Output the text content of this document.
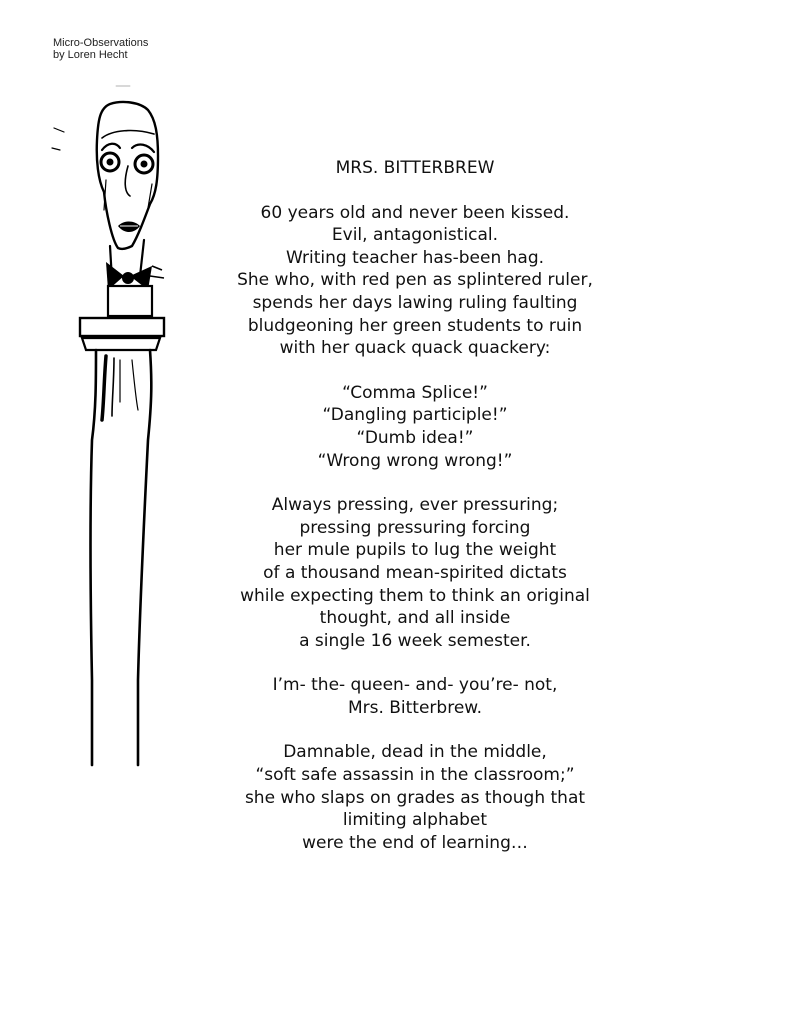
Micro-Observations
by Loren Hecht
MRS. BITTERBREW
60 years old and never been kissed.
Evil, antagonistical.
Writing teacher has-been hag.
She who, with red pen as splintered ruler,
spends her days lawing ruling faulting
bludgeoning her green students to ruin
with her quack quack quackery:
“Comma Splice!”
“Dangling participle!”
“Dumb idea!”
“Wrong wrong wrong!”
Always pressing, ever pressuring;
pressing pressuring forcing
her mule pupils to lug the weight
of a thousand mean-spirited dictats
while expecting them to think an original
thought, and all inside
a single 16 week semester.
I’m- the- queen- and- you’re- not,
Mrs. Bitterbrew.
Damnable, dead in the middle,
“soft safe assassin in the classroom;”
she who slaps on grades as though that
limiting alphabet
were the end of learning…
